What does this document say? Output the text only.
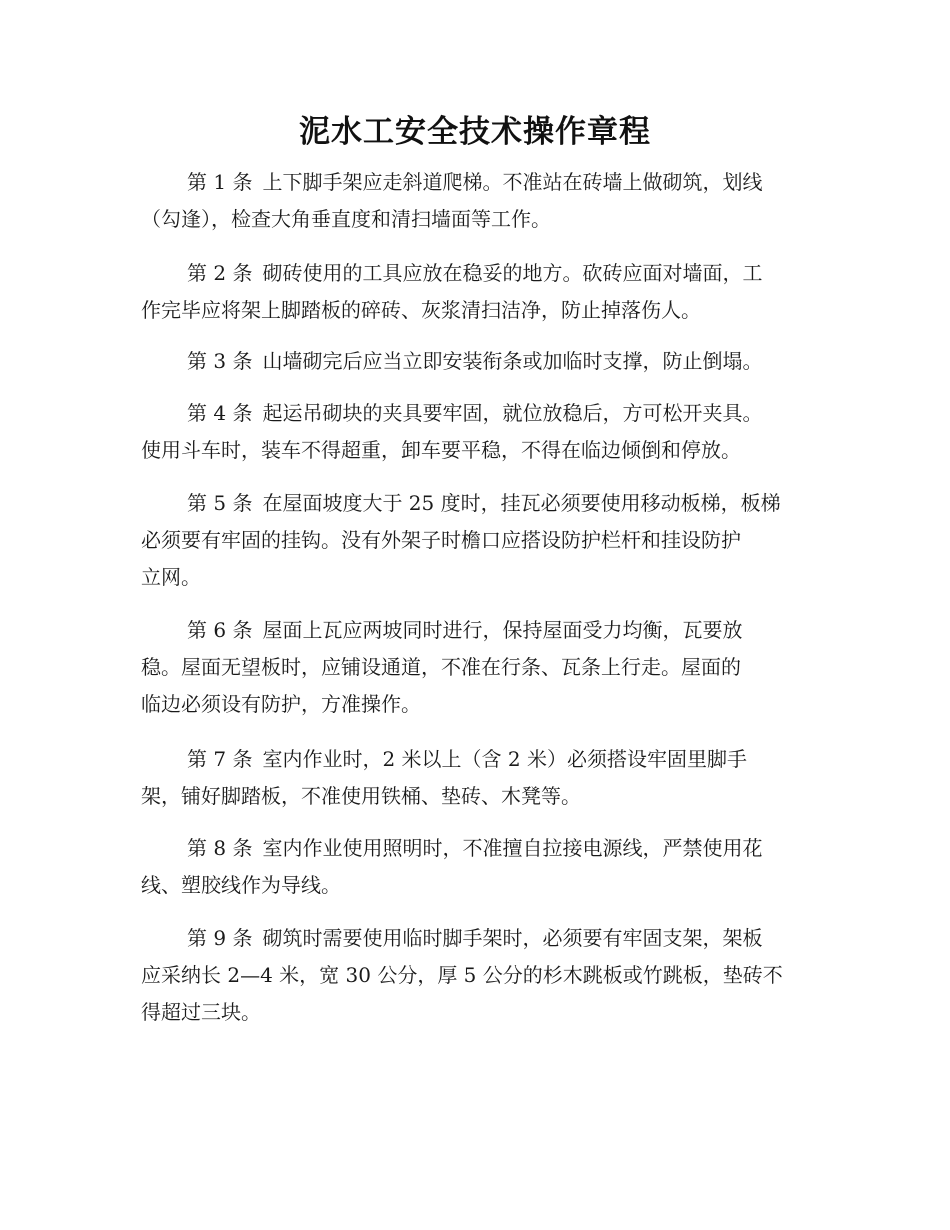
泥水工安全技术操作章程
第 1 条 上下脚手架应走斜道爬梯。不准站在砖墙上做砌筑，划线
（勾逢），检查大角垂直度和清扫墙面等工作。
第 2 条 砌砖使用的工具应放在稳妥的地方。砍砖应面对墙面，工
作完毕应将架上脚踏板的碎砖、灰浆清扫洁净，防止掉落伤人。
第 3 条 山墙砌完后应当立即安装衔条或加临时支撑，防止倒塌。
第 4 条 起运吊砌块的夹具要牢固，就位放稳后，方可松开夹具。
使用斗车时，装车不得超重，卸车要平稳，不得在临边倾倒和停放。
第 5 条 在屋面坡度大于 25 度时，挂瓦必须要使用移动板梯，板梯
必须要有牢固的挂钩。没有外架子时檐口应搭设防护栏杆和挂设防护
立网。
第 6 条 屋面上瓦应两坡同时进行，保持屋面受力均衡，瓦要放
稳。屋面无望板时，应铺设通道，不准在行条、瓦条上行走。屋面的
临边必须设有防护，方准操作。
第 7 条 室内作业时，2 米以上（含 2 米）必须搭设牢固里脚手
架，铺好脚踏板，不准使用铁桶、垫砖、木凳等。
第 8 条 室内作业使用照明时，不准擅自拉接电源线，严禁使用花
线、塑胶线作为导线。
第 9 条 砌筑时需要使用临时脚手架时，必须要有牢固支架，架板
应采纳长 2—4 米，宽 30 公分，厚 5 公分的杉木跳板或竹跳板，垫砖不
得超过三块。
